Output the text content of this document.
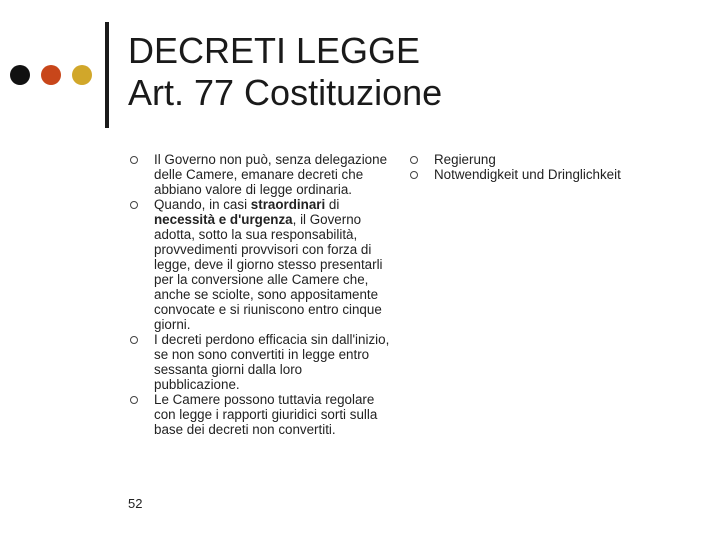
DECRETI LEGGE
Art. 77 Costituzione
Il Governo non può, senza delegazione delle Camere, emanare decreti che abbiano valore di legge ordinaria.
Quando, in casi straordinari di necessità e d'urgenza, il Governo adotta, sotto la sua responsabilità, provvedimenti provvisori con forza di legge, deve il giorno stesso presentarli per la conversione alle Camere che, anche se sciolte, sono appositamente convocate e si riuniscono entro cinque giorni.
I decreti perdono efficacia sin dall'inizio, se non sono convertiti in legge entro sessanta giorni dalla loro pubblicazione.
Le Camere possono tuttavia regolare con legge i rapporti giuridici sorti sulla base dei decreti non convertiti.
Regierung
Notwendigkeit und Dringlichkeit
52
